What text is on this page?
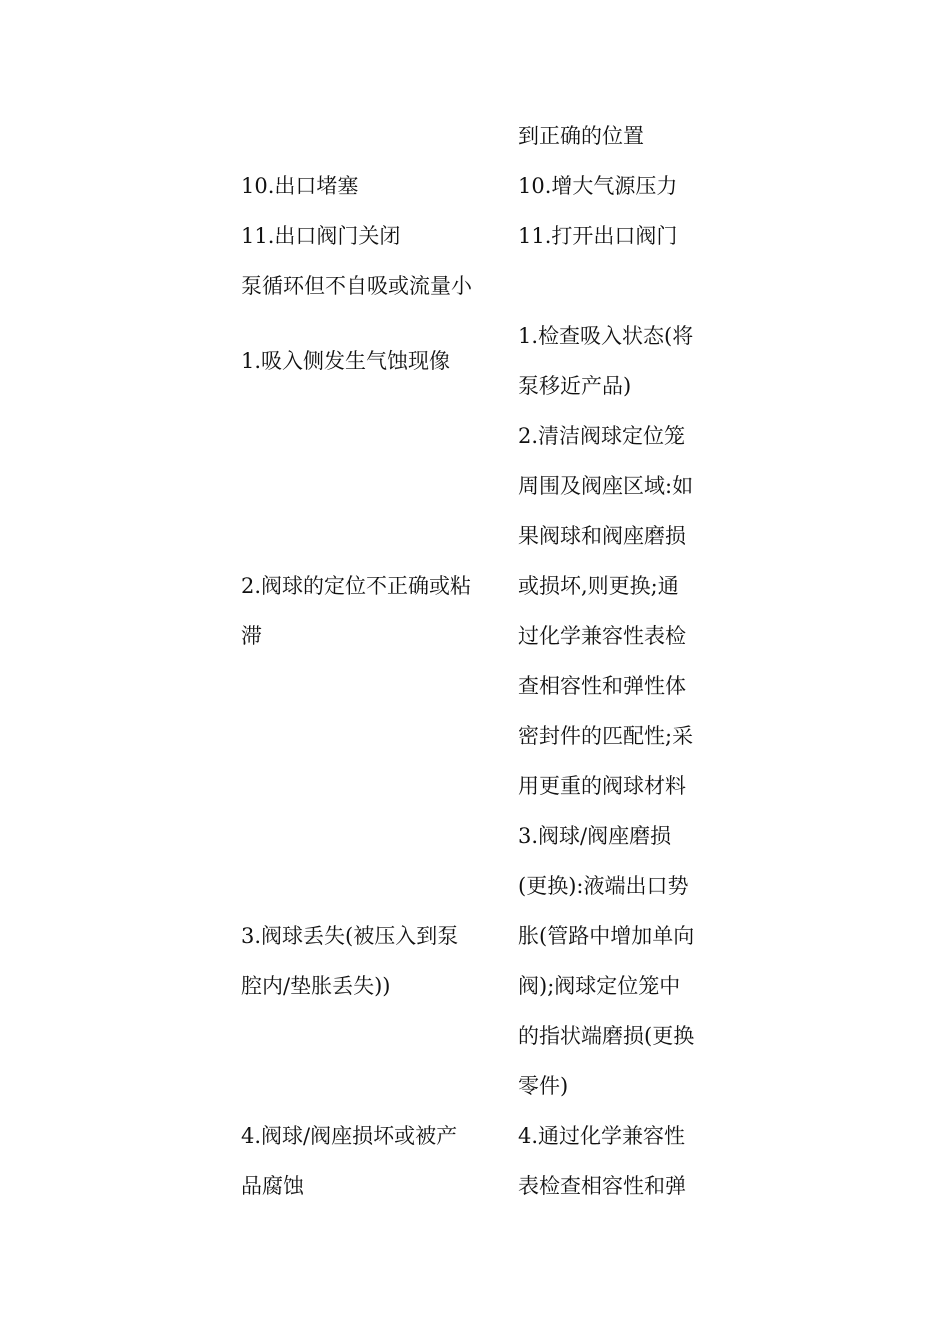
到正确的位置
10.出口堵塞	10.增大气源压力
11.出口阀门关闭	11.打开出口阀门
泵循环但不自吸或流量小
1.吸入侧发生气蚀现像
1.检查吸入状态(将
泵移近产品)
2.阀球的定位不正确或粘
滞
2.清洁阀球定位笼
周围及阀座区域:如
果阀球和阀座磨损
或损坏,则更换;通
过化学兼容性表检
查相容性和弹性体
密封件的匹配性;采
用更重的阀球材料
3.阀球丢失(被压入到泵
腔内/垫胀丢失))
3.阀球/阀座磨损
(更换):液端出口势
胀(管路中增加单向
阀);阀球定位笼中
的指状端磨损(更换
零件)
4.阀球/阀座损坏或被产
品腐蚀
4.通过化学兼容性
表检查相容性和弹
